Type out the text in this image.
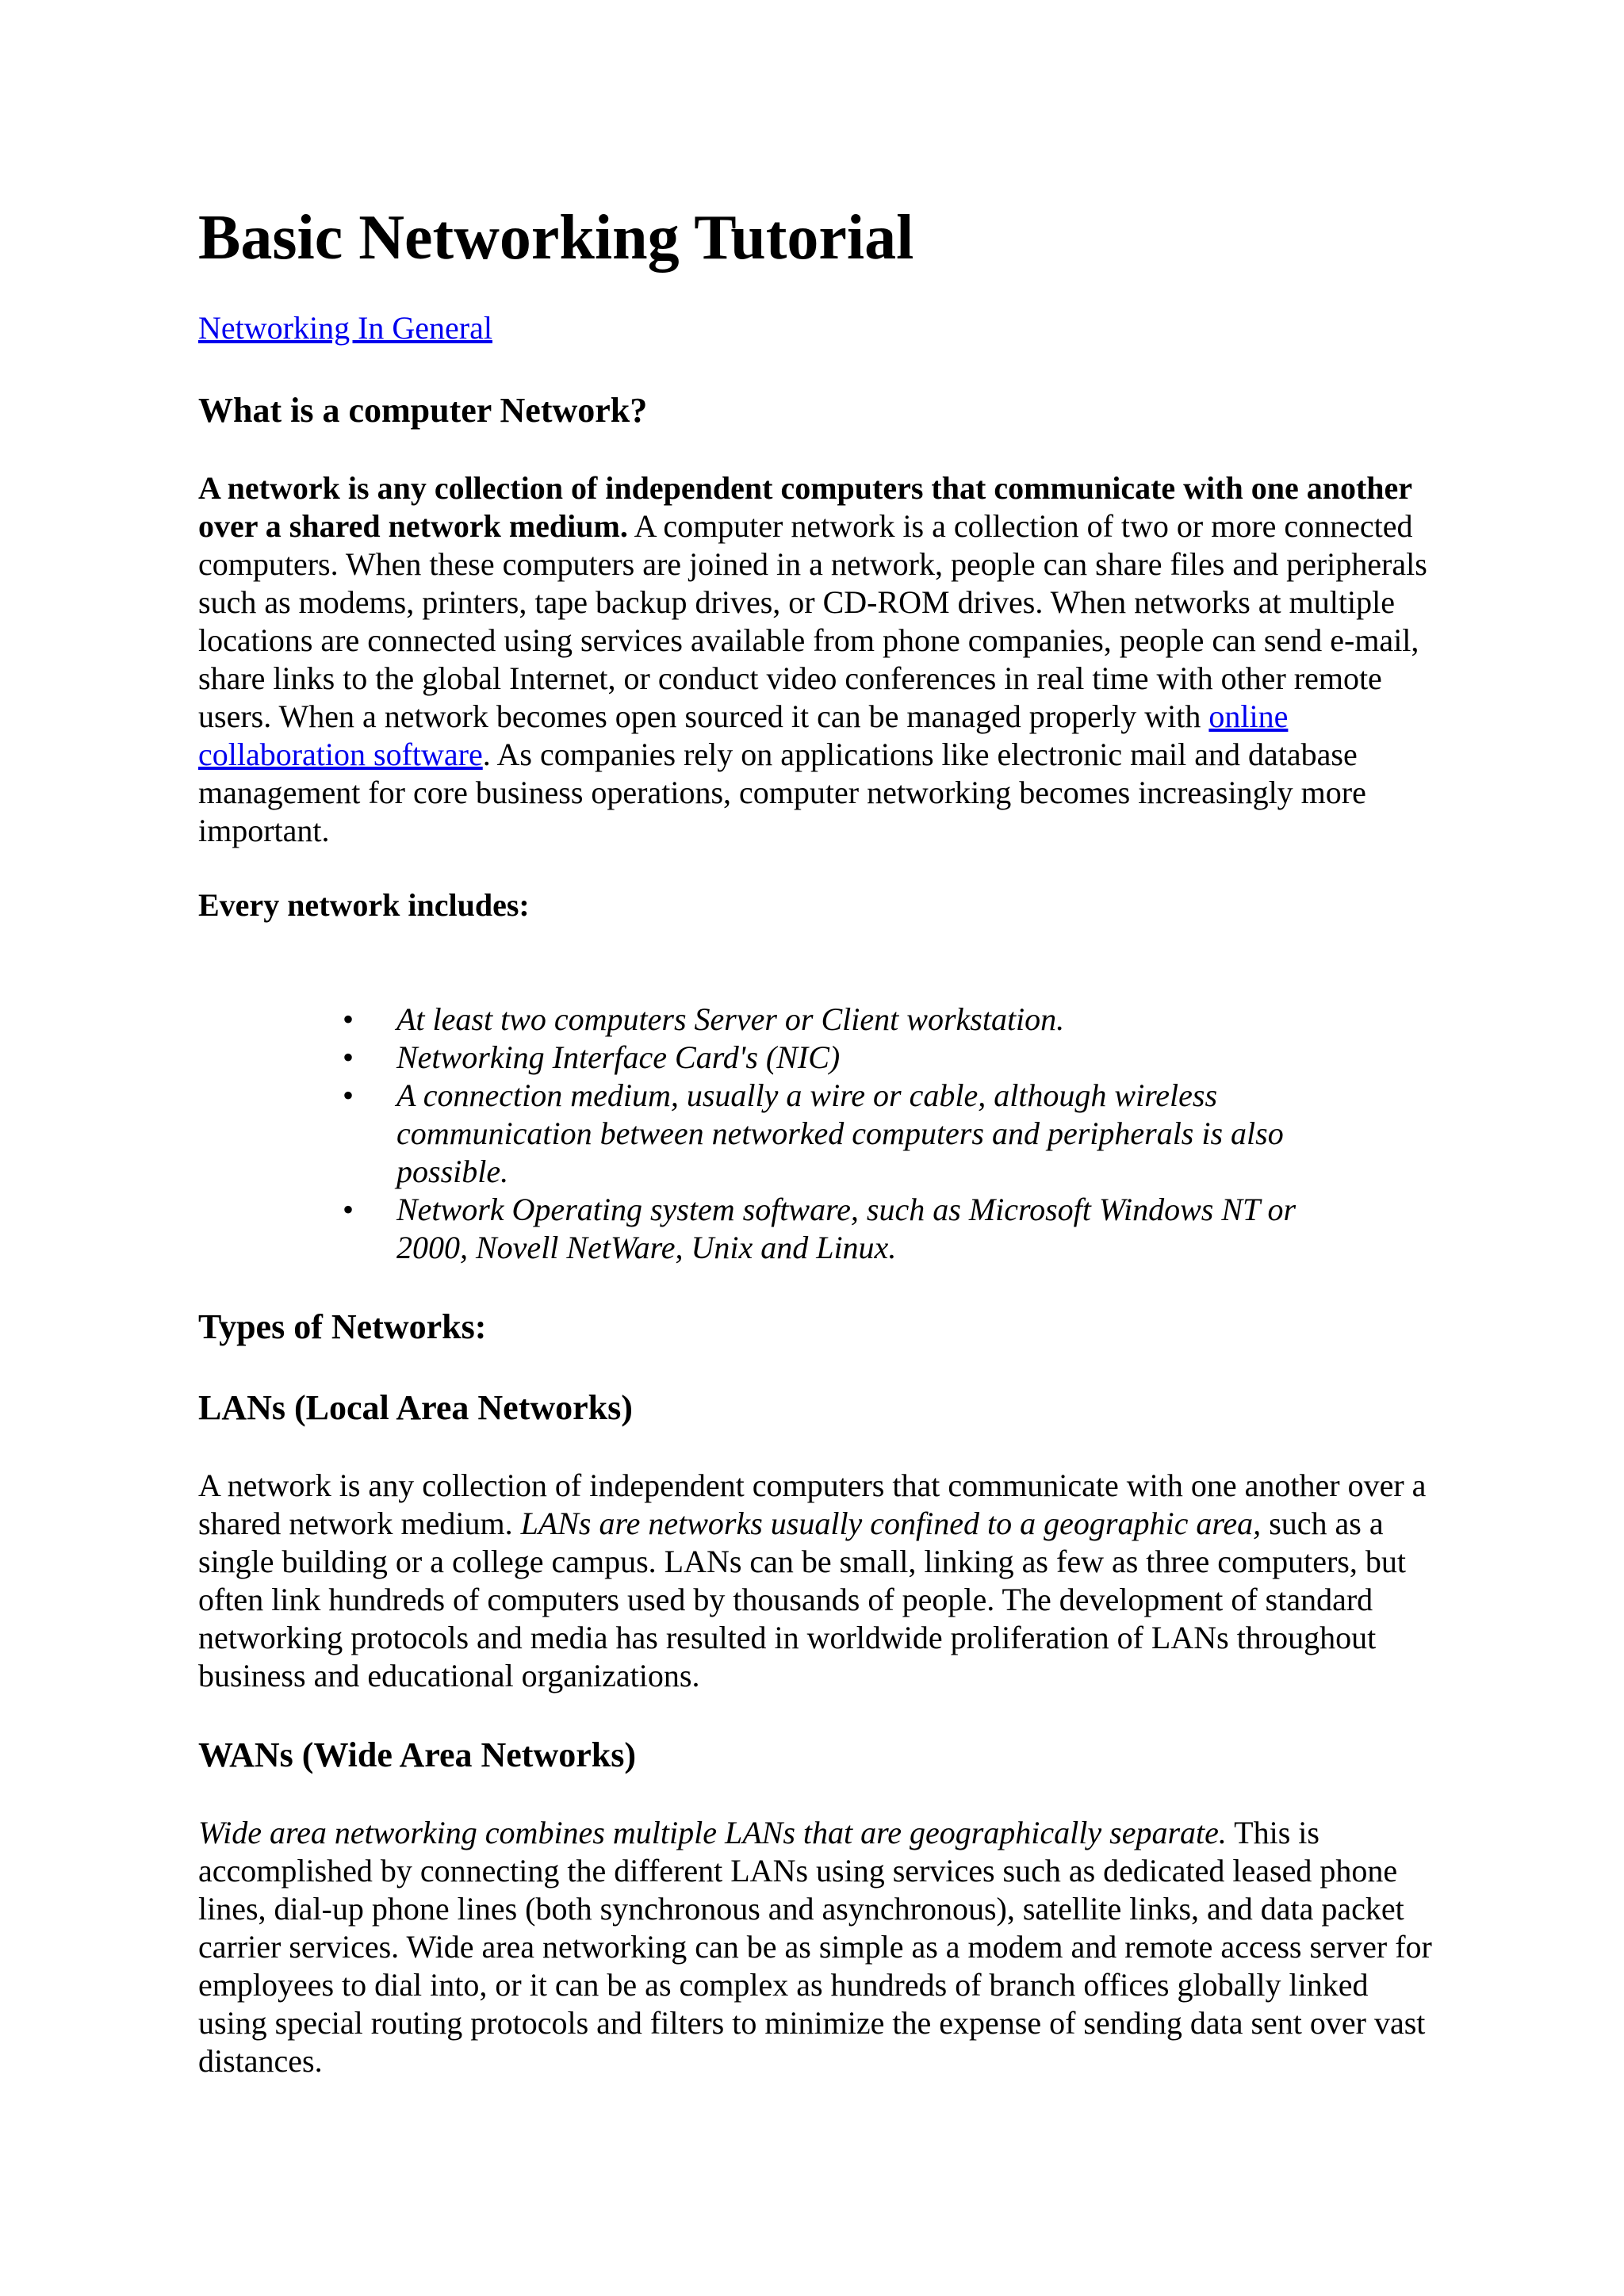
Basic Networking Tutorial
Networking In General
What is a computer Network?

A network is any collection of independent computers that communicate with one another over a shared network medium. A computer network is a collection of two or more connected computers. When these computers are joined in a network, people can share files and peripherals such as modems, printers, tape backup drives, or CD-ROM drives. When networks at multiple locations are connected using services available from phone companies, people can send e-mail, share links to the global Internet, or conduct video conferences in real time with other remote users. When a network becomes open sourced it can be managed properly with online collaboration software. As companies rely on applications like electronic mail and database management for core business operations, computer networking becomes increasingly more important.

Every network includes:

• At least two computers Server or Client workstation.
• Networking Interface Card's (NIC)
• A connection medium, usually a wire or cable, although wireless communication between networked computers and peripherals is also possible.
• Network Operating system software, such as Microsoft Windows NT or 2000, Novell NetWare, Unix and Linux.
Types of Networks:
LANs (Local Area Networks)

A network is any collection of independent computers that communicate with one another over a shared network medium. LANs are networks usually confined to a geographic area, such as a single building or a college campus. LANs can be small, linking as few as three computers, but often link hundreds of computers used by thousands of people. The development of standard networking protocols and media has resulted in worldwide proliferation of LANs throughout business and educational organizations.

WANs (Wide Area Networks)

Wide area networking combines multiple LANs that are geographically separate. This is accomplished by connecting the different LANs using services such as dedicated leased phone lines, dial-up phone lines (both synchronous and asynchronous), satellite links, and data packet carrier services. Wide area networking can be as simple as a modem and remote access server for employees to dial into, or it can be as complex as hundreds of branch offices globally linked using special routing protocols and filters to minimize the expense of sending data sent over vast distances.
